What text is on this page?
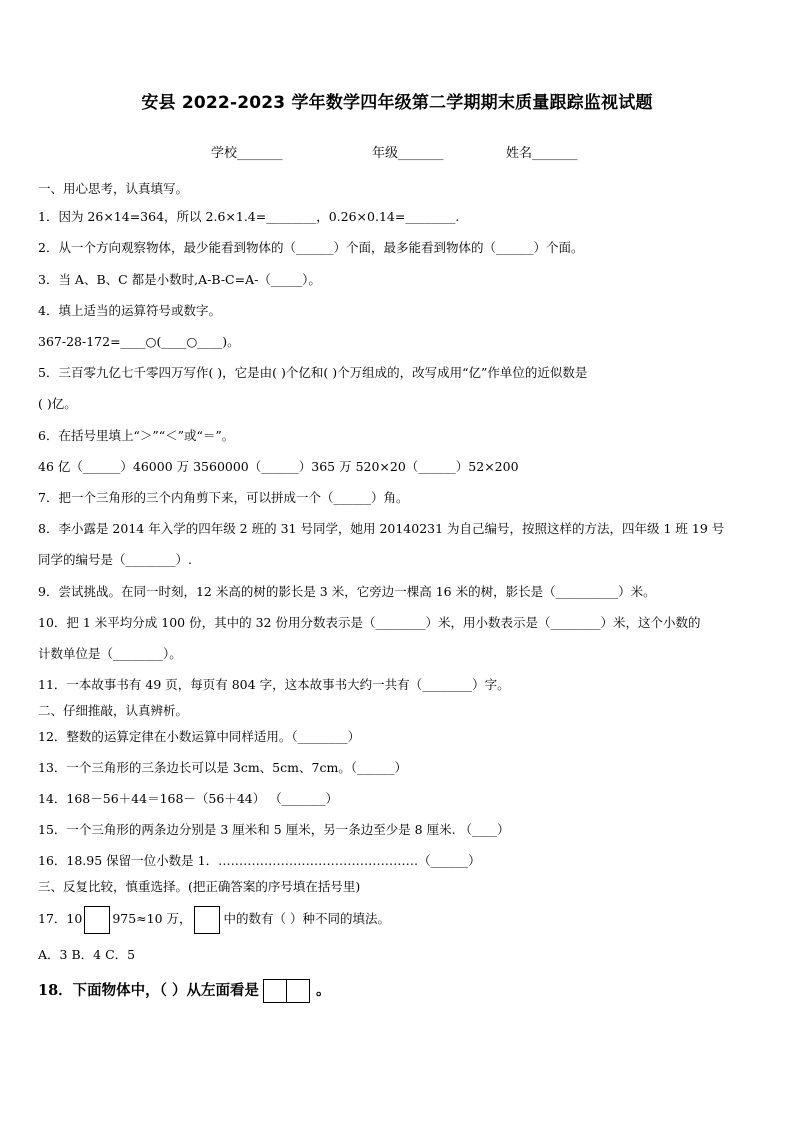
安县 2022-2023 学年数学四年级第二学期期末质量跟踪监视试题
学校_______	年级_______	姓名_______
一、用心思考，认真填写。
1．因为 26×14=364，所以 2.6×1.4=________，0.26×0.14=________.
2．从一个方向观察物体，最少能看到物体的（______）个面，最多能看到物体的（______）个面。
3．当 A、B、C 都是小数时,A-B-C=A-（_____）。
4．填上适当的运算符号或数字。
367-28-172=____○(____○____)。
5．三百零九亿七千零四万写作( )，它是由( )个亿和( )个万组成的，改写成用“亿”作单位的近似数是
( )亿。
6．在括号里填上“＞”“＜”或“＝”。
46 亿（______）46000 万 3560000（______）365 万 520×20（______）52×200
7．把一个三角形的三个内角剪下来，可以拼成一个（______）角。
8．李小露是 2014 年入学的四年级 2 班的 31 号同学，她用 20140231 为自己编号，按照这样的方法，四年级 1 班 19 号
同学的编号是（________）.
9．尝试挑战。在同一时刻，12 米高的树的影长是 3 米，它旁边一棵高 16 米的树，影长是（__________）米。
10．把 1 米平均分成 100 份，其中的 32 份用分数表示是（________）米，用小数表示是（________）米，这个小数的
计数单位是（________）。
11．一本故事书有 49 页，每页有 804 字，这本故事书大约一共有（________）字。
二、仔细推敲，认真辨析。
12．整数的运算定律在小数运算中同样适用。（________）
13．一个三角形的三条边长可以是 3cm、5cm、7cm。（______）
14．168－56＋44＝168－（56＋44） （_______）
15．一个三角形的两条边分别是 3 厘米和 5 厘米，另一条边至少是 8 厘米. （____）
16．18.95 保留一位小数是 1．…………………………………………（______）
三、反复比较，慎重选择。(把正确答案的序号填在括号里)
17．10 975≈10 万，	中的数有（ ）种不同的填法。
A．3 B．4 C．5
18．下面物体中，（ ）从左面看是	。
